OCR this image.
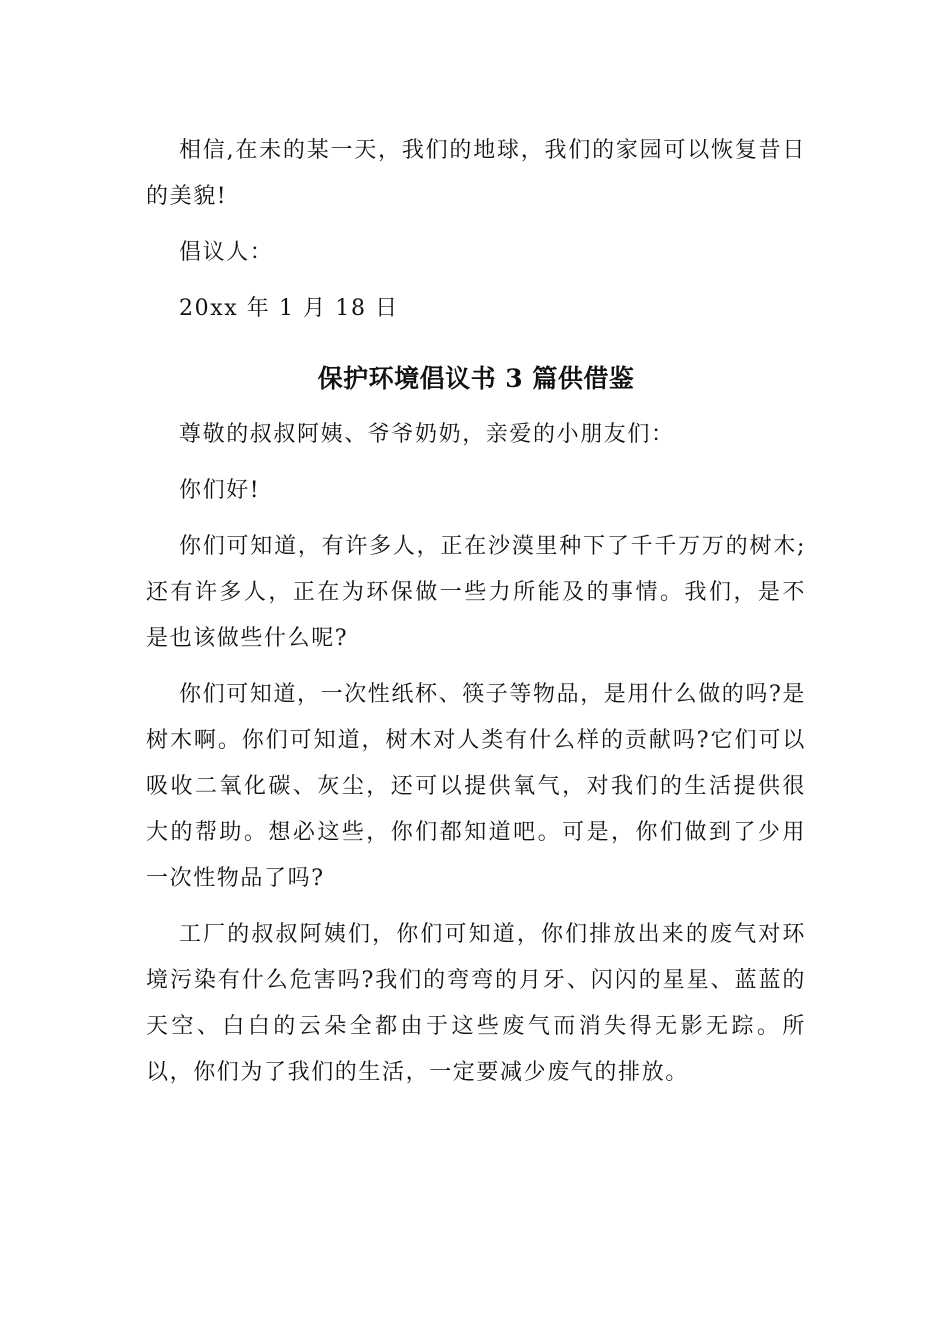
相信,在未的某一天，我们的地球，我们的家园可以恢复昔日的美貌!

倡议人：

20xx 年 1 月 18 日

保护环境倡议书 3 篇供借鉴

尊敬的叔叔阿姨、爷爷奶奶，亲爱的小朋友们：

你们好!

你们可知道，有许多人，正在沙漠里种下了千千万万的树木;还有许多人，正在为环保做一些力所能及的事情。我们，是不是也该做些什么呢?

你们可知道，一次性纸杯、筷子等物品，是用什么做的吗?是树木啊。你们可知道，树木对人类有什么样的贡献吗?它们可以吸收二氧化碳、灰尘，还可以提供氧气，对我们的生活提供很大的帮助。想必这些，你们都知道吧。可是，你们做到了少用一次性物品了吗?

工厂的叔叔阿姨们，你们可知道，你们排放出来的废气对环境污染有什么危害吗?我们的弯弯的月牙、闪闪的星星、蓝蓝的天空、白白的云朵全都由于这些废气而消失得无影无踪。所以，你们为了我们的生活，一定要减少废气的排放。
